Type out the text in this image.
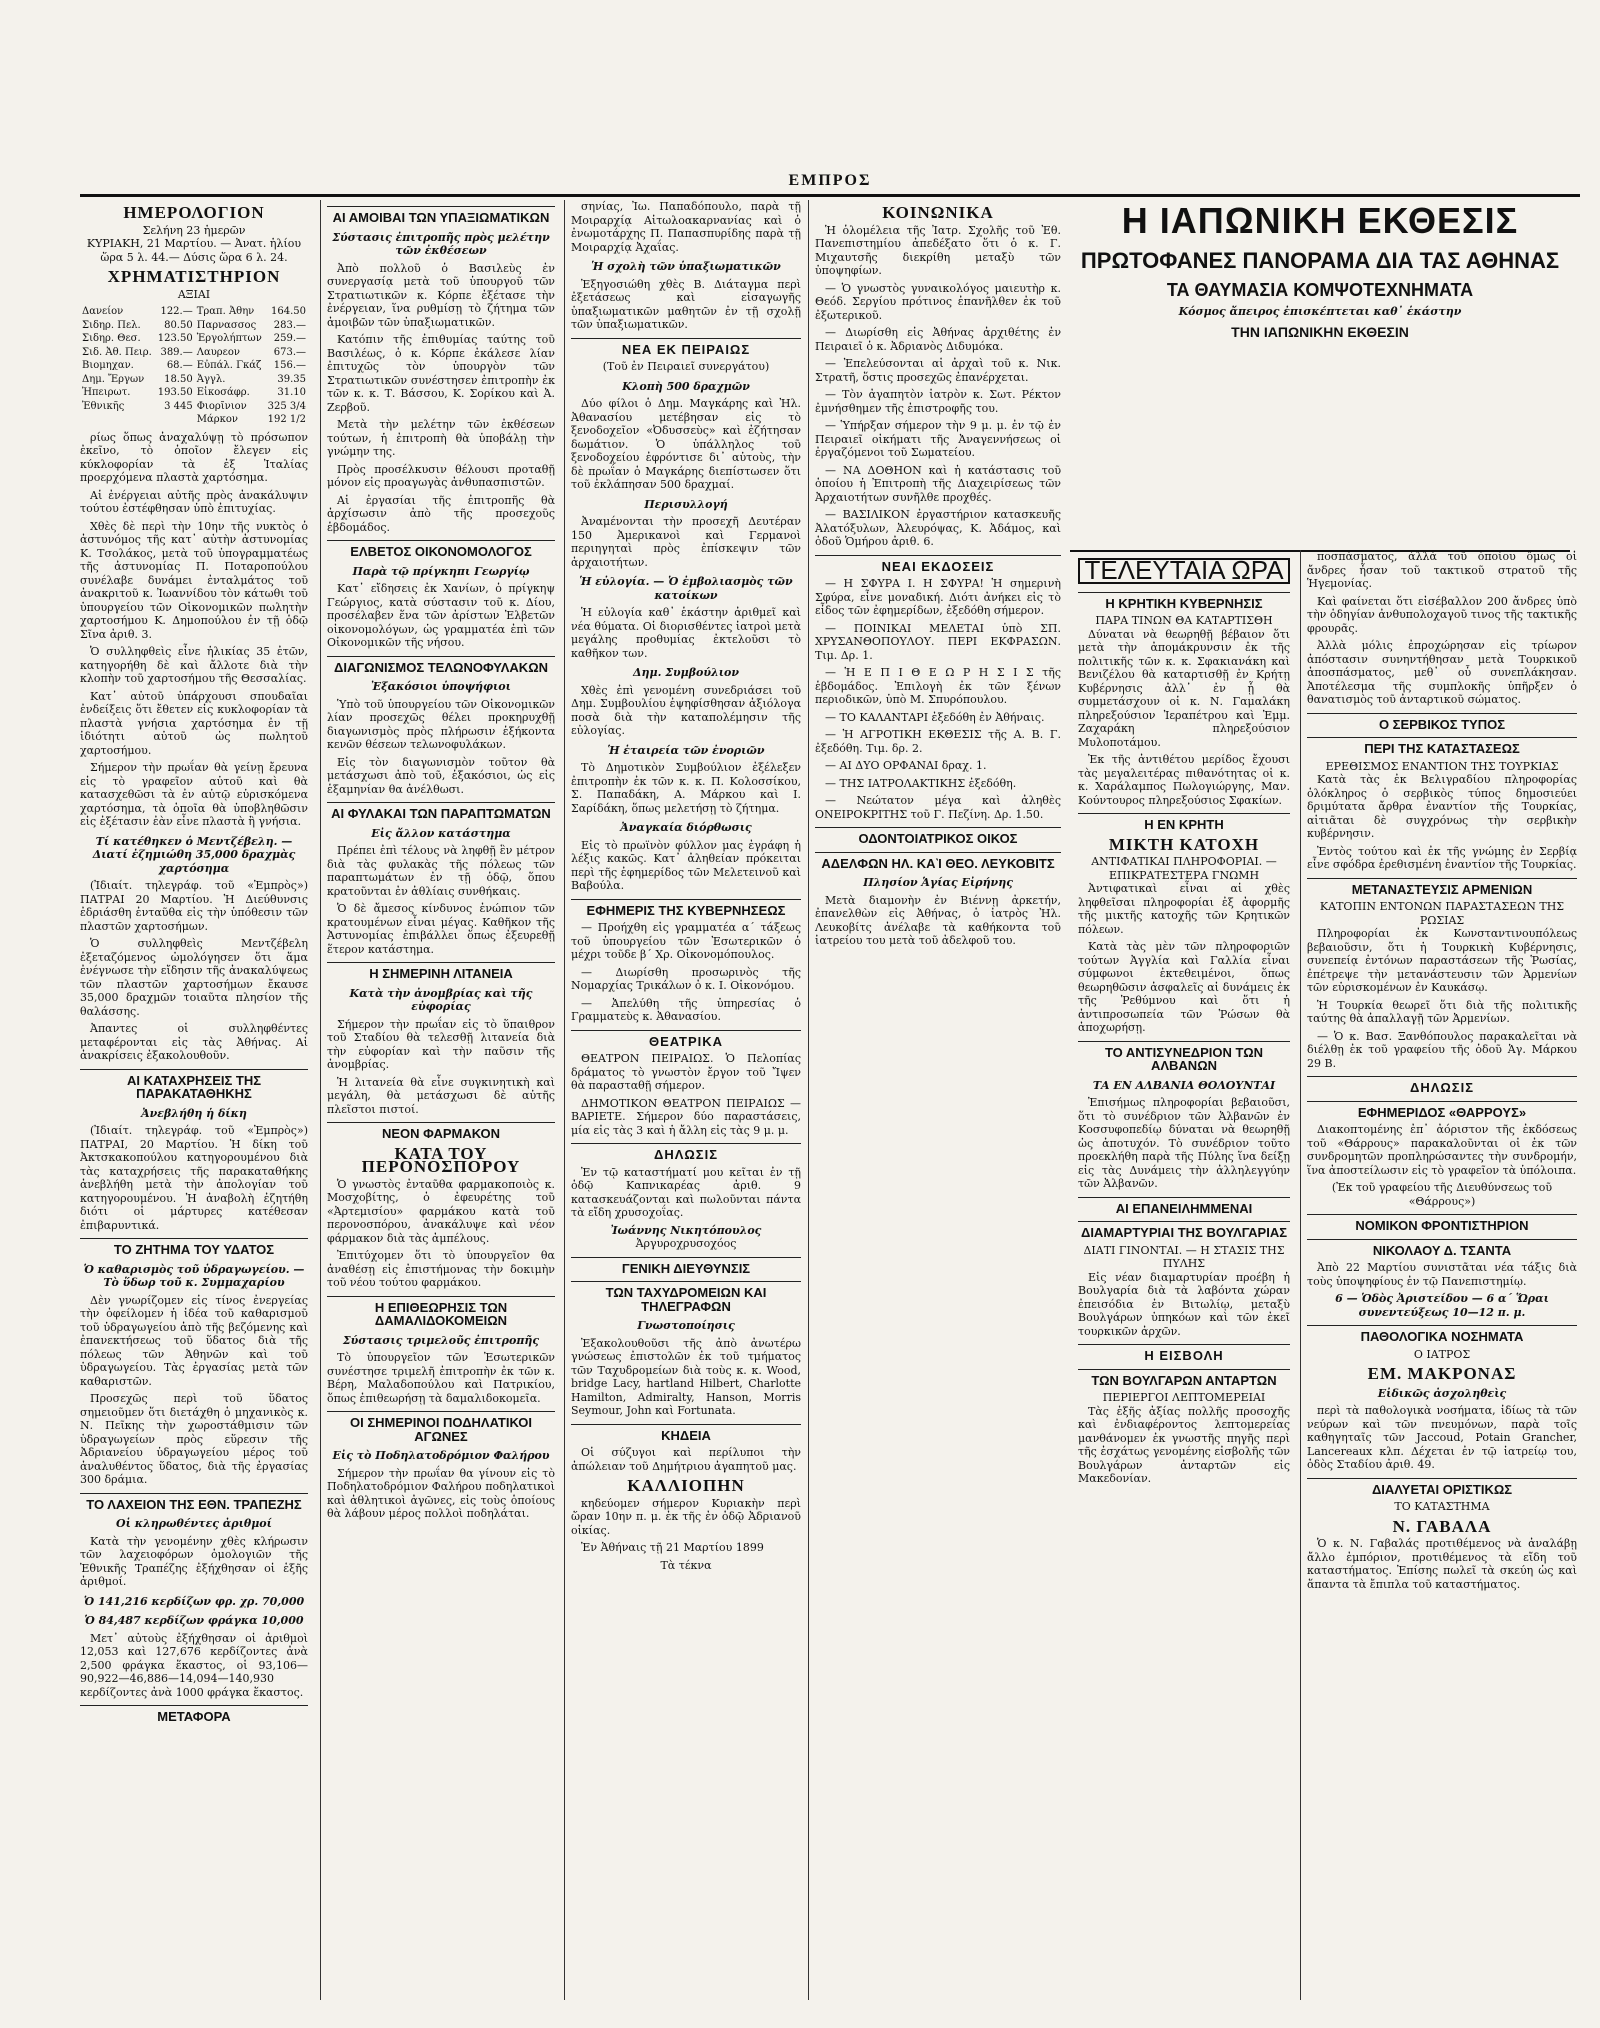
ΕΜΠΡΟΣ
ΗΜΕΡΟΛΟΓΙΟΝ
Σελήνη 23 ἡμερῶν
ΚΥΡΙΑΚΗ, 21 Μαρτίου. — Ἀνατ. ἡλίου ὥρα 5 λ. 44.— Δύσις ὥρα 6 λ. 24.
ΧΡΗΜΑΤΙΣΤΗΡΙΟΝ
ΑΞΙΑΙ
Δανείον	122.—	Τραπ. Ἀθην	164.50
Σιδηρ. Πελ.	80.50	Παρνασσος	283.—
Σιδηρ. Θεσ.	123.50	Ἐργολήπτων	259.—
Σιδ. Ἀθ. Πειρ.	389.—	Λαυρεον	673.—
Βιομηχαν.	68.—	Εὐπάλ. Γκάζ	156.—
Δημ. Ἔργων	18.50	Ἀγγλ.	39.35
Ἠπειρωτ.	193.50	Εἰκοσάφρ.	31.10
Ἐθνικῆς	3 445	Φιορῖνιον	325 3/4
		Μάρκον	192 1/2

ρίως ὅπως ἀναχαλύψῃ τὸ πρόσωπον ἐκεῖνο, τὸ ὁποῖον ἔλεγεν εἰς κύκλοφορίαν τὰ ἐξ Ἰταλίας προερχόμενα πλαστὰ χαρτόσημα.

Αἱ ἐνέργειαι αὐτῆς πρὸς ἀνακάλυψιν τούτου ἐστέφθησαν ὑπὸ ἐπιτυχίας.

Χθὲς δὲ περὶ τὴν 10ην τῆς νυκτὸς ὁ ἀστυνόμος τῆς κατ᾽ αὐτὴν ἀστυνομίας Κ. Τσολάκος, μετὰ τοῦ ὑπογραμματέως τῆς ἀστυνομίας Π. Ποταροπούλου συνέλαβε δυνάμει ἐνταλμάτος τοῦ ἀνακριτοῦ κ. Ἰωαννίδου τὸν κάτωθι τοῦ ὑπουργείου τῶν Οἰκονομικῶν πωλητὴν χαρτοσήμου Κ. Δημοπούλου ἐν τῇ ὁδῷ Σῖνα ἀριθ. 3.

Ὁ συλληφθεὶς εἶνε ἡλικίας 35 ἐτῶν, κατηγορήθη δὲ καὶ ἄλλοτε διὰ τὴν κλοπὴν τοῦ χαρτοσήμου τῆς Θεσσαλίας.

Κατ᾽ αὐτοῦ ὑπάρχουσι σπουδαῖαι ἐνδείξεις ὅτι ἔθετεν εἰς κυκλοφορίαν τὰ πλαστὰ γνήσια χαρτόσημα ἐν τῇ ἰδιότητι αὐτοῦ ὡς πωλητοῦ χαρτοσήμου.

Σήμερον τὴν πρωΐαν θὰ γείνῃ ἔρευνα εἰς τὸ γραφεῖον αὐτοῦ καὶ θὰ κατασχεθῶσι τὰ ἐν αὐτῷ εὑρισκόμενα χαρτόσημα, τὰ ὁποῖα θὰ ὑποβληθῶσιν εἰς ἐξέτασιν ἐὰν εἶνε πλαστὰ ἢ γνήσια.

Τί κατέθηκεν ὁ Μεντζέβελη. — Διατί ἐζημιώθη 35,000 δραχμὰς χαρτόσημα

(Ἰδιαίτ. τηλεγράφ. τοῦ «Ἐμπρὸς») ΠΑΤΡΑΙ 20 Μαρτίου. Ἡ Διεύθυνσις ἐδριάσθη ἐνταῦθα εἰς τὴν ὑπόθεσιν τῶν πλαστῶν χαρτοσήμων.

Ὁ συλληφθεὶς Μεντζέβελη ἐξεταζόμενος ὡμολόγησεν ὅτι ἅμα ἐνέγνωσε τὴν εἴδησιν τῆς ἀνακαλύψεως τῶν πλαστῶν χαρτοσήμων ἔκαυσε 35,000 δραχμῶν τοιαῦτα πλησίον τῆς θαλάσσης.

Ἀπαντες οἱ συλληφθέντες μεταφέρονται εἰς τὰς Ἀθήνας. Αἱ ἀνακρίσεις ἐξακολουθοῦν.

ΑΙ ΚΑΤΑΧΡΗΣΕΙΣ ΤΗΣ ΠΑΡΑΚΑΤΑΘΗΚΗΣ
Ἀνεβλήθη ἡ δίκη

(Ἰδιαίτ. τηλεγράφ. τοῦ «Ἐμπρὸς») ΠΑΤΡΑΙ, 20 Μαρτίου. Ἡ δίκη τοῦ Ἀκτσκακοπούλου κατηγορουμένου διὰ τὰς καταχρήσεις τῆς παρακαταθήκης ἀνεβλήθη μετὰ τὴν ἀπολογίαν τοῦ κατηγορουμένου. Ἡ ἀναβολὴ ἐζητήθη διότι οἱ μάρτυρες κατέθεσαν ἐπιβαρυντικά.

ΤΟ ΖΗΤΗΜΑ ΤΟΥ ΥΔΑΤΟΣ
Ὁ καθαρισμὸς τοῦ ὑδραγωγείου. — Τὸ ὕδωρ τοῦ κ. Συμμαχαρίου

Δὲν γνωρίζομεν εἰς τίνος ἐνεργείας τὴν ὀφείλομεν ἡ ἰδέα τοῦ καθαρισμοῦ τοῦ ὑδραγωγείου ἀπὸ τῆς βεζόμενης καὶ ἐπανεκτήσεως τοῦ ὕδατος διὰ τῆς πόλεως τῶν Ἀθηνῶν καὶ τοῦ ὑδραγωγείου. Τὰς ἐργασίας μετὰ τῶν καθαριστῶν.

Προσεχῶς περὶ τοῦ ὕδατος σημειοῦμεν ὅτι διετάχθη ὁ μηχανικὸς κ. Ν. Πεῖκης τὴν χωροστάθμισιν τῶν ὑδραγωγείων πρὸς εὕρεσιν τῆς Ἀδριανείου ὑδραγωγείου μέρος τοῦ ἀναλυθέντος ὕδατος, διὰ τῆς ἐργασίας 300 δράμια.

ΤΟ ΛΑΧΕΙΟΝ ΤΗΣ ΕΘΝ. ΤΡΑΠΕΖΗΣ
Οἱ κληρωθέντες ἀριθμοί

Κατὰ τὴν γενομένην χθὲς κλήρωσιν τῶν λαχειοφόρων ὁμολογιῶν τῆς Ἐθνικῆς Τραπέζης ἐξήχθησαν οἱ ἑξῆς ἀριθμοί.

Ὁ 141,216 κερδίζων φρ. χρ. 70,000
Ὁ 84,487 κερδίζων φράγκα 10,000

Μετ᾽ αὐτοὺς ἐξήχθησαν οἱ ἀριθμοὶ 12,053 καὶ 127,676 κερδίζοντες ἀνὰ 2,500 φράγκα ἕκαστος, οἱ 93,106—90,922—46,886—14,094—140,930 κερδίζοντες ἀνὰ 1000 φράγκα ἕκαστος.

ΜΕΤΑΦΟΡΑ
ΑΙ ΑΜΟΙΒΑΙ ΤΩΝ ΥΠΑΞΙΩΜΑΤΙΚΩΝ
Σύστασις ἐπιτροπῆς πρὸς μελέτην τῶν ἐκθέσεων

Ἀπὸ πολλοῦ ὁ Βασιλεὺς ἐν συνεργασίᾳ μετὰ τοῦ ὑπουργοῦ τῶν Στρατιωτικῶν κ. Κόρπε ἐξέτασε τὴν ἐνέργειαν, ἵνα ρυθμίσῃ τὸ ζήτημα τῶν ἀμοιβῶν τῶν ὑπαξιωματικῶν.

Κατόπιν τῆς ἐπιθυμίας ταύτης τοῦ Βασιλέως, ὁ κ. Κόρπε ἐκάλεσε λίαν ἐπιτυχῶς τὸν ὑπουργὸν τῶν Στρατιωτικῶν συνέστησεν ἐπιτροπὴν ἐκ τῶν κ. κ. Τ. Βάσσου, Κ. Σορίκου καὶ Ἀ. Ζερβοῦ.

Μετὰ τὴν μελέτην τῶν ἐκθέσεων τούτων, ἡ ἐπιτροπὴ θὰ ὑποβάλῃ τὴν γνώμην της.

Πρὸς προσέλκυσιν θέλουσι προταθῇ μόνον εἰς προαγωγὰς ἀνθυπασπιστῶν.

Αἱ ἐργασίαι τῆς ἐπιτροπῆς θὰ ἀρχίσωσιν ἀπὸ τῆς προσεχοῦς ἑβδομάδος.

ΕΛΒΕΤΟΣ ΟΙΚΟΝΟΜΟΛΟΓΟΣ
Παρὰ τῷ πρίγκηπι Γεωργίῳ

Κατ᾽ εἴδησεις ἐκ Χανίων, ὁ πρίγκηψ Γεώργιος, κατὰ σύστασιν τοῦ κ. Δίου, προσέλαβεν ἕνα τῶν ἀρίστων Ἐλβετῶν οἰκονομολόγων, ὡς γραμματέα ἐπὶ τῶν Οἰκονομικῶν τῆς νήσου.

ΔΙΑΓΩΝΙΣΜΟΣ ΤΕΛΩΝΟΦΥΛΑΚΩΝ
Ἐξακόσιοι ὑποψήφιοι

Ὑπὸ τοῦ ὑπουργείου τῶν Οἰκονομικῶν λίαν προσεχῶς θέλει προκηρυχθῇ διαγωνισμὸς πρὸς πλήρωσιν ἑξήκοντα κενῶν θέσεων τελωνοφυλάκων.

Εἰς τὸν διαγωνισμὸν τοῦτον θὰ μετάσχωσι ἀπὸ τοῦ, ἑξακόσιοι, ὡς εἰς ἑξαμηνίαν θα ἀνέλθωσι.

ΑΙ ΦΥΛΑΚΑΙ ΤΩΝ ΠΑΡΑΠΤΩΜΑΤΩΝ
Εἰς ἄλλον κατάστημα

Πρέπει ἐπὶ τέλους νὰ ληφθῇ ἓν μέτρον διὰ τὰς φυλακὰς τῆς πόλεως τῶν παραπτωμάτων ἐν τῇ ὁδῷ, ὅπου κρατοῦνται ἐν ἀθλίαις συνθήκαις.

Ὁ δὲ ἄμεσος κίνδυνος ἐνώπιον τῶν κρατουμένων εἶναι μέγας. Καθῆκον τῆς Ἀστυνομίας ἐπιβάλλει ὅπως ἐξευρεθῇ ἕτερον κατάστημα.

Η ΣΗΜΕΡΙΝΗ ΛΙΤΑΝΕΙΑ
Κατὰ τὴν ἀνομβρίας καὶ τῆς εὐφορίας

Σήμερον τὴν πρωΐαν εἰς τὸ ὕπαιθρον τοῦ Σταδίου θὰ τελεσθῇ λιτανεία διὰ τὴν εὐφορίαν καὶ τὴν παῦσιν τῆς ἀνομβρίας.

Ἡ λιτανεία θὰ εἶνε συγκινητικὴ καὶ μεγάλη, θὰ μετάσχωσι δὲ αὐτῆς πλεῖστοι πιστοί.

ΝΕΟΝ ΦΑΡΜΑΚΟΝ
ΚΑΤΑ ΤΟΥ ΠΕΡΟΝΟΣΠΟΡΟΥ

Ὁ γνωστὸς ἐνταῦθα φαρμακοποιὸς κ. Μοσχοβίτης, ὁ ἐφευρέτης τοῦ «Ἀρτεμισίου» φαρμάκου κατὰ τοῦ περονοσπόρου, ἀνακάλυψε καὶ νέον φάρμακον διὰ τὰς ἀμπέλους.

Ἐπιτύχομεν ὅτι τὸ ὑπουργεῖον θα ἀναθέσῃ εἰς ἐπιστήμονας τὴν δοκιμὴν τοῦ νέου τούτου φαρμάκου.

Η ΕΠΙΘΕΩΡΗΣΙΣ ΤΩΝ ΔΑΜΑΛΙΔΟΚΟΜΕΙΩΝ
Σύστασις τριμελοῦς ἐπιτροπῆς

Τὸ ὑπουργεῖον τῶν Ἐσωτερικῶν συνέστησε τριμελῆ ἐπιτροπὴν ἐκ τῶν κ. Βέρη, Μαλαδοπούλου καὶ Πατρικίου, ὅπως ἐπιθεωρήσῃ τὰ δαμαλιδοκομεῖα.

ΟΙ ΣΗΜΕΡΙΝΟΙ ΠΟΔΗΛΑΤΙΚΟΙ ΑΓΩΝΕΣ
Εἰς τὸ Ποδηλατοδρόμιον Φαλήρου

Σήμερον τὴν πρωΐαν θα γίνουν εἰς τὸ Ποδηλατοδρόμιον Φαλήρου ποδηλατικοὶ καὶ ἀθλητικοὶ ἀγῶνες, εἰς τοὺς ὁποίους θὰ λάβουν μέρος πολλοὶ ποδηλάται.

σηνίας, Ἰω. Παπαδόπουλο, παρὰ τῇ Μοιραρχίᾳ Αἰτωλοακαρνανίας καὶ ὁ ἐνωμοτάρχης Π. Παπασπυρίδης παρὰ τῇ Μοιραρχίᾳ Ἀχαΐας.

Ἡ σχολὴ τῶν ὑπαξιωματικῶν

Ἐξηγοσιώθη χθὲς Β. Διάταγμα περὶ ἐξετάσεως καὶ εἰσαγωγῆς ὑπαξιωματικῶν μαθητῶν ἐν τῇ σχολῇ τῶν ὑπαξιωματικῶν.

ΝΕΑ ΕΚ ΠΕΙΡΑΙΩΣ
(Τοῦ ἐν Πειραιεῖ συνεργάτου)
Κλοπὴ 500 δραχμῶν

Δύο φίλοι ὁ Δημ. Μαγκάρης καὶ Ἠλ. Ἀθανασίου μετέβησαν εἰς τὸ ξενοδοχεῖον «Ὀδυσσεὺς» καὶ ἐζήτησαν δωμάτιον. Ὁ ὑπάλληλος τοῦ ξενοδοχείου ἐφρόντισε δι᾽ αὐτοὺς, τὴν δὲ πρωΐαν ὁ Μαγκάρης διεπίστωσεν ὅτι τοῦ ἐκλάπησαν 500 δραχμαί.

Περισυλλογή

Ἀναμένονται τὴν προσεχῆ Δευτέραν 150 Ἀμερικανοὶ καὶ Γερμανοὶ περιηγηταὶ πρὸς ἐπίσκεψιν τῶν ἀρχαιοτήτων.

Ἡ εὐλογία. — Ὁ ἐμβολιασμὸς τῶν κατοίκων

Ἡ εὐλογία καθ᾽ ἑκάστην ἀριθμεῖ καὶ νέα θύματα. Οἱ διορισθέντες ἰατροὶ μετὰ μεγάλης προθυμίας ἐκτελοῦσι τὸ καθῆκον των.

Δημ. Συμβούλιον

Χθὲς ἐπὶ γενομένη συνεδριάσει τοῦ Δημ. Συμβουλίου ἐψηφίσθησαν ἀξιόλογα ποσὰ διὰ τὴν καταπολέμησιν τῆς εὐλογίας.

Ἡ ἑταιρεία τῶν ἐνοριῶν

Τὸ Δημοτικὸν Συμβούλιον ἐξέλεξεν ἐπιτροπὴν ἐκ τῶν κ. κ. Π. Κολοσσίκου, Σ. Παπαδάκη, Α. Μάρκου καὶ Ι. Σαρίδάκη, ὅπως μελετήσῃ τὸ ζήτημα.

Ἀναγκαία διόρθωσις

Εἰς τὸ πρωϊνὸν φύλλον μας ἐγράφη ἡ λέξις κακῶς. Κατ᾽ ἀληθείαν πρόκειται περὶ τῆς ἐφημερίδος τῶν Μελετεινοῦ καὶ Βαβούλα.

ΕΦΗΜΕΡΙΣ ΤΗΣ ΚΥΒΕΡΝΗΣΕΩΣ

— Προήχθη εἰς γραμματέα α΄ τάξεως τοῦ ὑπουργείου τῶν Ἐσωτερικῶν ὁ μέχρι τοῦδε β΄ Χρ. Οἰκονομόπουλος.

— Διωρίσθη προσωρινὸς τῆς Νομαρχίας Τρικάλων ὁ κ. Ι. Οἰκονόμου.

— Ἀπελύθη τῆς ὑπηρεσίας ὁ Γραμματεὺς κ. Ἀθανασίου.

ΘΕΑΤΡΙΚΑ

ΘΕΑΤΡΟΝ ΠΕΙΡΑΙΩΣ. Ὁ Πελοπίας δράματος τὸ γνωστὸν ἔργον τοῦ Ἴψεν θὰ παρασταθῇ σήμερον.

ΔΗΜΟΤΙΚΟΝ ΘΕΑΤΡΟΝ ΠΕΙΡΑΙΩΣ — ΒΑΡΙΕΤΕ. Σήμερον δύο παραστάσεις, μία εἰς τὰς 3 καὶ ἡ ἄλλη εἰς τὰς 9 μ. μ.

ΔΗΛΩΣΙΣ

Ἐν τῷ καταστήματί μου κεῖται ἐν τῇ ὁδῷ Καπνικαρέας ἀριθ. 9 κατασκευάζονται καὶ πωλοῦνται πάντα τὰ εἴδη χρυσοχοΐας.

Ἰωάννης Νικητόπουλος
Ἀργυροχρυσοχόος
ΓΕΝΙΚΗ ΔΙΕΥΘΥΝΣΙΣ
ΤΩΝ ΤΑΧΥΔΡΟΜΕΙΩΝ ΚΑΙ ΤΗΛΕΓΡΑΦΩΝ
Γνωστοποίησις

Ἐξακολουθοῦσι τῆς ἀπὸ ἀνωτέρω γνώσεως ἐπιστολῶν ἐκ τοῦ τμήματος τῶν Ταχυδρομείων διὰ τοὺς κ. κ. Wood, bridge Lacy, hartland Hilbert, Charlotte Hamilton, Admiralty, Hanson, Morris Seymour, John καὶ Fortunata.

ΚΗΔΕΙΑ

Οἱ σύζυγοι καὶ περίλυποι τὴν ἀπώλειαν τοῦ Δημήτριου ἀγαπητοῦ μας.

ΚΑΛΛΙΟΠΗΝ

κηδεύομεν σήμερον Κυριακὴν περὶ ὥραν 10ην π. μ. ἐκ τῆς ἐν ὁδῷ Ἀδριανοῦ οἰκίας.

Ἐν Ἀθήναις τῇ 21 Μαρτίου 1899

Τὰ τέκνα
ΚΟΙΝΩΝΙΚΑ

Ἡ ὁλομέλεια τῆς Ἰατρ. Σχολῆς τοῦ Ἐθ. Πανεπιστημίου ἀπεδέξατο ὅτι ὁ κ. Γ. Μιχαυτσῆς διεκρίθη μεταξὺ τῶν ὑποψηφίων.

— Ὁ γνωστὸς γυναικολόγος μαιευτὴρ κ. Θεόδ. Σεργίου πρότινος ἐπανῆλθεν ἐκ τοῦ ἐξωτερικοῦ.

— Διωρίσθη εἰς Ἀθήνας ἀρχιθέτης ἐν Πειραιεῖ ὁ κ. Ἀδριανὸς Διδυμόκα.

— Ἐπελεύσονται αἱ ἀρχαὶ τοῦ κ. Νικ. Στρατῆ, ὅστις προσεχῶς ἐπανέρχεται.

— Τὸν ἀγαπητὸν ἰατρὸν κ. Σωτ. Ρέκτον ἐμνήσθημεν τῆς ἐπιστροφῆς του.

— Ὑπήρξαν σήμερον τὴν 9 μ. μ. ἐν τῷ ἐν Πειραιεῖ οἰκήματι τῆς Ἀναγεννήσεως οἱ ἐργαζόμενοι τοῦ Σωματείου.

— ΝΑ ΔΟΘΗΟΝ καὶ ἡ κατάστασις τοῦ ὁποίου ἡ Ἐπιτροπὴ τῆς Διαχειρίσεως τῶν Ἀρχαιοτήτων συνῆλθε προχθές.

— ΒΑΣΙΛΙΚΟΝ ἐργαστήριον κατασκευῆς Ἀλατόξυλων, Ἀλευρόψας, Κ. Ἀδάμος, καὶ ὁδοῦ Ὁμήρου ἀριθ. 6.

ΝΕΑΙ ΕΚΔΟΣΕΙΣ

— Η ΣΦΥΡΑ Ι. Η ΣΦΥΡΑ! Ἡ σημερινὴ Σφύρα, εἶνε μοναδική. Διότι ἀνήκει εἰς τὸ εἶδος τῶν ἐφημερίδων, ἐξεδόθη σήμερον.

— ΠΟΙΝΙΚΑΙ ΜΕΛΕΤΑΙ ὑπὸ ΣΠ. ΧΡΥΣΑΝΘΟΠΟΥΛΟΥ. ΠΕΡΙ ΕΚΦΡΑΣΩΝ. Τιμ. Δρ. 1.

— Ἡ Ε Π Ι Θ Ε Ω Ρ Η Σ Ι Σ τῆς ἑβδομάδος. Ἐπιλογὴ ἐκ τῶν ξένων περιοδικῶν, ὑπὸ Μ. Σπυρόπουλου.

— ΤΟ ΚΑΛΑΝΤΑΡΙ ἐξεδόθη ἐν Ἀθήναις.

— Ἡ ΑΓΡΟΤΙΚΗ ΕΚΘΕΣΙΣ τῆς Α. Β. Γ. ἐξεδόθη. Τιμ. δρ. 2.

— ΑΙ ΔΥΟ ΟΡΦΑΝΑΙ δραχ. 1.

— ΤΗΣ ΙΑΤΡΟΛΑΚΤΙΚΗΣ ἐξεδόθη.

— Νεώτατον μέγα καὶ ἀληθὲς ΟΝΕΙΡΟΚΡΙΤΗΣ τοῦ Γ. Πεζίνη. Δρ. 1.50.

ΟΔΟΝΤΟΙΑΤΡΙΚΟΣ ΟΙΚΟΣ
ΑΔΕΛΦΩΝ ΗΛ. ΚΑῚ ΘΕΟ. ΛΕΥΚΟΒΙΤΣ
Πλησίον Ἁγίας Εἰρήνης

Μετὰ διαμονὴν ἐν Βιέννῃ ἀρκετήν, ἐπανελθὼν εἰς Ἀθήνας, ὁ ἰατρὸς Ἠλ. Λευκοβίτς ἀνέλαβε τὰ καθήκοντα τοῦ ἰατρείου του μετὰ τοῦ ἀδελφοῦ του.

Η ΙΑΠΩΝΙΚΗ ΕΚΘΕΣΙΣ
ΠΡΩΤΟΦΑΝΕΣ ΠΑΝΟΡΑΜΑ ΔΙΑ ΤΑΣ ΑΘΗΝΑΣ
ΤΑ ΘΑΥΜΑΣΙΑ ΚΟΜΨΟΤΕΧΝΗΜΑΤΑ
Κόσμος ἄπειρος ἐπισκέπτεται καθ᾽ ἑκάστην
ΤΗΝ ΙΑΠΩΝΙΚΗΝ ΕΚΘΕΣΙΝ
ΤΕΛΕΥΤΑΙΑ ΩΡΑ
Η ΚΡΗΤΙΚΗ ΚΥΒΕΡΝΗΣΙΣ
ΠΑΡΑ ΤΙΝΩΝ ΘΑ ΚΑΤΑΡΤΙΣΘΗ

Δύναται νὰ θεωρηθῇ βέβαιον ὅτι μετὰ τὴν ἀπομάκρυνσιν ἐκ τῆς πολιτικῆς τῶν κ. κ. Σφακιανάκη καὶ Βενιζέλου θὰ καταρτισθῇ ἐν Κρήτῃ Κυβέρνησις ἀλλ᾽ ἐν ᾗ θὰ συμμετάσχουν οἱ κ. Ν. Γαμαλάκη πληρεξούσιον Ἱεραπέτρου καὶ Ἐμμ. Ζαχαράκη πληρεξούσιον Μυλοποτάμου.

Ἐκ τῆς ἀντιθέτου μερίδος ἔχουσι τὰς μεγαλειτέρας πιθανότητας οἱ κ. κ. Χαράλαμπος Πωλογιώργης, Μαν. Κούντουρος πληρεξούσιος Σφακίων.

Η ΕΝ ΚΡΗΤΗ
ΜΙΚΤΗ ΚΑΤΟΧΗ
ΑΝΤΙΦΑΤΙΚΑΙ ΠΛΗΡΟΦΟΡΙΑΙ. — ΕΠΙΚΡΑΤΕΣΤΕΡΑ ΓΝΩΜΗ

Ἀντιφατικαὶ εἶναι αἱ χθὲς ληφθεῖσαι πληροφορίαι ἐξ ἀφορμῆς τῆς μικτῆς κατοχῆς τῶν Κρητικῶν πόλεων.

Κατὰ τὰς μὲν τῶν πληροφοριῶν τούτων Ἀγγλία καὶ Γαλλία εἶναι σύμφωνοι ἐκτεθειμένοι, ὅπως θεωρηθῶσιν ἀσφαλεῖς αἱ δυνάμεις ἐκ τῆς Ῥεθύμνου καὶ ὅτι ἡ ἀντιπροσωπεία τῶν Ῥώσων θὰ ἀποχωρήσῃ.

ΤΟ ΑΝΤΙΣΥΝΕΔΡΙΟΝ ΤΩΝ ΑΛΒΑΝΩΝ
ΤΑ ΕΝ ΑΛΒΑΝΙΑ ΘΟΛΟΥΝΤΑΙ

Ἐπισήμως πληροφορίαι βεβαιοῦσι, ὅτι τὸ συνέδριον τῶν Ἀλβανῶν ἐν Κοσσυφοπεδίῳ δύναται νὰ θεωρηθῇ ὡς ἀποτυχόν. Τὸ συνέδριον τοῦτο προεκλήθη παρὰ τῆς Πύλης ἵνα δείξῃ εἰς τὰς Δυνάμεις τὴν ἀλληλεγγύην τῶν Ἀλβανῶν.

ΑΙ ΕΠΑΝΕΙΛΗΜΜΕΝΑΙ
ΔΙΑΜΑΡΤΥΡΙΑΙ ΤΗΣ ΒΟΥΛΓΑΡΙΑΣ
ΔΙΑΤΙ ΓΙΝΟΝΤΑΙ. — Η ΣΤΑΣΙΣ ΤΗΣ ΠΥΛΗΣ

Εἰς νέαν διαμαρτυρίαν προέβη ἡ Βουλγαρία διὰ τὰ λαβόντα χώραν ἐπεισόδια ἐν Βιτωλίῳ, μεταξὺ Βουλγάρων ὑπηκόων καὶ τῶν ἐκεῖ τουρκικῶν ἀρχῶν.

Η ΕΙΣΒΟΛΗ
ΤΩΝ ΒΟΥΛΓΑΡΩΝ ΑΝΤΑΡΤΩΝ
ΠΕΡΙΕΡΓΟΙ ΛΕΠΤΟΜΕΡΕΙΑΙ

Τὰς ἑξῆς ἀξίας πολλῆς προσοχῆς καὶ ἐνδιαφέροντος λεπτομερείας μανθάνομεν ἐκ γνωστῆς πηγῆς περὶ τῆς ἐσχάτως γενομένης εἰσβολῆς τῶν Βουλγάρων ἀνταρτῶν εἰς Μακεδονίαν.

ποσπάσματος, ἀλλὰ τοῦ ὁποίου ὅμως οἱ ἄνδρες ἦσαν τοῦ τακτικοῦ στρατοῦ τῆς Ἡγεμονίας.

Καὶ φαίνεται ὅτι εἰσέβαλλον 200 ἄνδρες ὑπὸ τὴν ὁδηγίαν ἀνθυπολοχαγοῦ τινος τῆς τακτικῆς φρουρᾶς.

Ἀλλὰ μόλις ἐπροχώρησαν εἰς τρίωρον ἀπόστασιν συνηντήθησαν μετὰ Τουρκικοῦ ἀποσπάσματος, μεθ᾽ οὗ συνεπλάκησαν. Ἀποτέλεσμα τῆς συμπλοκῆς ὑπῆρξεν ὁ θανατισμὸς τοῦ ἀνταρτικοῦ σώματος.

Ο ΣΕΡΒΙΚΟΣ ΤΥΠΟΣ
ΠΕΡΙ ΤΗΣ ΚΑΤΑΣΤΑΣΕΩΣ
ΕΡΕΘΙΣΜΟΣ ΕΝΑΝΤΙΟΝ ΤΗΣ ΤΟΥΡΚΙΑΣ

Κατὰ τὰς ἐκ Βελιγραδίου πληροφορίας ὁλόκληρος ὁ σερβικὸς τύπος δημοσιεύει δριμύτατα ἄρθρα ἐναντίον τῆς Τουρκίας, αἰτιᾶται δὲ συγχρόνως τὴν σερβικὴν κυβέρνησιν.

Ἐντὸς τούτου καὶ ἐκ τῆς γνώμης ἐν Σερβίᾳ εἶνε σφόδρα ἐρεθισμένη ἐναντίον τῆς Τουρκίας.

ΜΕΤΑΝΑΣΤΕΥΣΙΣ ΑΡΜΕΝΙΩΝ
ΚΑΤΟΠΙΝ ΕΝΤΟΝΩΝ ΠΑΡΑΣΤΑΣΕΩΝ ΤΗΣ ΡΩΣΙΑΣ

Πληροφορίαι ἐκ Κωνσταντινουπόλεως βεβαιοῦσιν, ὅτι ἡ Τουρκικὴ Κυβέρνησις, συνεπείᾳ ἐντόνων παραστάσεων τῆς Ῥωσίας, ἐπέτρεψε τὴν μετανάστευσιν τῶν Ἀρμενίων τῶν εὑρισκομένων ἐν Καυκάσῳ.

Ἡ Τουρκία θεωρεῖ ὅτι διὰ τῆς πολιτικῆς ταύτης θὰ ἀπαλλαγῇ τῶν Ἀρμενίων.

— Ὁ κ. Βασ. Ξανθόπουλος παρακαλεῖται νὰ διέλθῃ ἐκ τοῦ γραφείου τῆς ὁδοῦ Ἁγ. Μάρκου 29 Β.

ΔΗΛΩΣΙΣ
ΕΦΗΜΕΡΙΔΟΣ «ΘΑΡΡΟΥΣ»

Διακοπτομένης ἐπ᾽ ἀόριστον τῆς ἐκδόσεως τοῦ «Θάρρους» παρακαλοῦνται οἱ ἐκ τῶν συνδρομητῶν προπληρώσαντες τὴν συνδρομήν, ἵνα ἀποστείλωσιν εἰς τὸ γραφεῖον τὰ ὑπόλοιπα.

(Ἐκ τοῦ γραφείου τῆς Διευθύνσεως τοῦ «Θάρρους»)
ΝΟΜΙΚΟΝ ΦΡΟΝΤΙΣΤΗΡΙΟΝ
ΝΙΚΟΛΑΟΥ Δ. ΤΣΑΝΤΑ

Ἀπὸ 22 Μαρτίου συνιστᾶται νέα τάξις διὰ τοὺς ὑποψηφίους ἐν τῷ Πανεπιστημίῳ.

6 — Ὁδὸς Ἀριστείδου — 6 α΄ Ὥραι συνεντεύξεως 10—12 π. μ.
ΠΑΘΟΛΟΓΙΚΑ ΝΟΣΗΜΑΤΑ
Ο ΙΑΤΡΟΣ
ΕΜ. ΜΑΚΡΟΝΑΣ
Εἰδικῶς ἀσχοληθεὶς

περὶ τὰ παθολογικὰ νοσήματα, ἰδίως τὰ τῶν νεύρων καὶ τῶν πνευμόνων, παρὰ τοῖς καθηγηταῖς τῶν Jaccoud, Potain Grancher, Lancereaux κλπ. Δέχεται ἐν τῷ ἰατρείῳ του, ὁδὸς Σταδίου ἀριθ. 49.

ΔΙΑΛΥΕΤΑΙ ΟΡΙΣΤΙΚΩΣ
ΤΟ ΚΑΤΑΣΤΗΜΑ
Ν. ΓΑΒΑΛΑ

Ὁ κ. Ν. Γαβαλάς προτιθέμενος νὰ ἀναλάβῃ ἄλλο ἐμπόριον, προτιθέμενος τὰ εἴδη τοῦ καταστήματος. Ἐπίσης πωλεῖ τὰ σκεύη ὡς καὶ ἅπαντα τὰ ἔπιπλα τοῦ καταστήματος.
